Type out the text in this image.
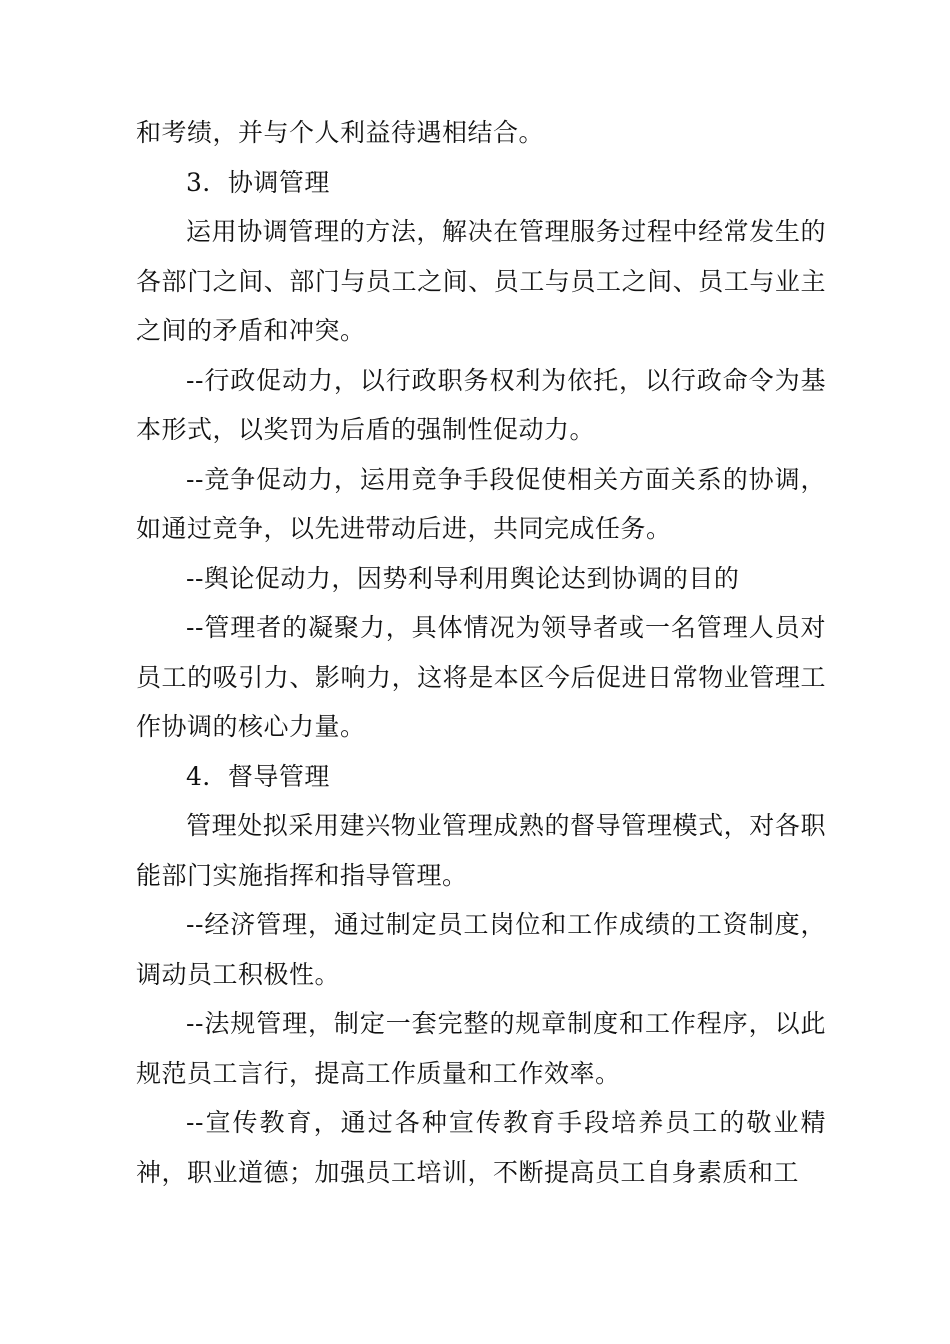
和考绩，并与个人利益待遇相结合。

3．协调管理

运用协调管理的方法，解决在管理服务过程中经常发生的各部门之间、部门与员工之间、员工与员工之间、员工与业主之间的矛盾和冲突。

--行政促动力，以行政职务权利为依托，以行政命令为基本形式，以奖罚为后盾的强制性促动力。

--竞争促动力，运用竞争手段促使相关方面关系的协调，如通过竞争，以先进带动后进，共同完成任务。

--舆论促动力，因势利导利用舆论达到协调的目的

--管理者的凝聚力，具体情况为领导者或一名管理人员对员工的吸引力、影响力，这将是本区今后促进日常物业管理工作协调的核心力量。

4．督导管理

管理处拟采用建兴物业管理成熟的督导管理模式，对各职能部门实施指挥和指导管理。

--经济管理，通过制定员工岗位和工作成绩的工资制度，调动员工积极性。

--法规管理，制定一套完整的规章制度和工作程序，以此规范员工言行，提高工作质量和工作效率。

--宣传教育，通过各种宣传教育手段培养员工的敬业精神，职业道德；加强员工培训，不断提高员工自身素质和工
